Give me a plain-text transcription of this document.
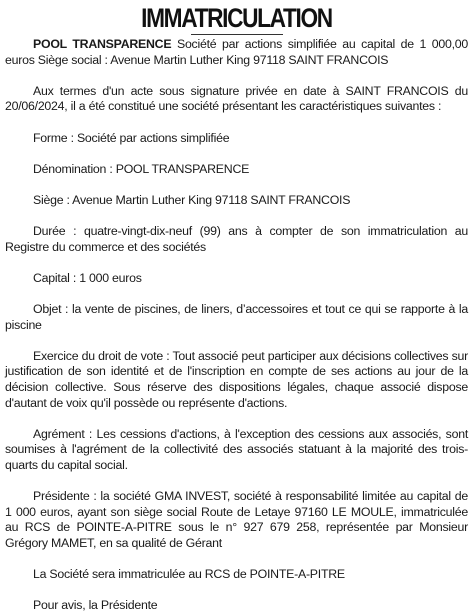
IMMATRICULATION

POOL TRANSPARENCE Société par actions simplifiée au capital de 1 000,00 euros Siège social : Avenue Martin Luther King 97118 SAINT FRANCOIS

Aux termes d'un acte sous signature privée en date à SAINT FRANCOIS du 20/06/2024, il a été constitué une société présentant les caractéristiques suivantes :

Forme : Société par actions simplifiée

Dénomination : POOL TRANSPARENCE

Siège : Avenue Martin Luther King 97118 SAINT FRANCOIS

Durée : quatre-vingt-dix-neuf (99) ans à compter de son immatriculation au Registre du commerce et des sociétés

Capital : 1 000 euros

Objet : la vente de piscines, de liners, d’accessoires et tout ce qui se rapporte à la piscine

Exercice du droit de vote : Tout associé peut participer aux décisions collectives sur justification de son identité et de l'inscription en compte de ses actions au jour de la décision collective. Sous réserve des dispositions légales, chaque associé dispose d'autant de voix qu'il possède ou représente d'actions.

Agrément : Les cessions d'actions, à l'exception des cessions aux associés, sont soumises à l'agrément de la collectivité des associés statuant à la majorité des trois-quarts du capital social.

Présidente : la société GMA INVEST, société à responsabilité limitée au capital de 1 000 euros, ayant son siège social Route de Letaye 97160 LE MOULE, immatriculée au RCS de POINTE-A-PITRE sous le n° 927 679 258, représentée par Monsieur Grégory MAMET, en sa qualité de Gérant

La Société sera immatriculée au RCS de POINTE-A-PITRE

Pour avis, la Présidente
